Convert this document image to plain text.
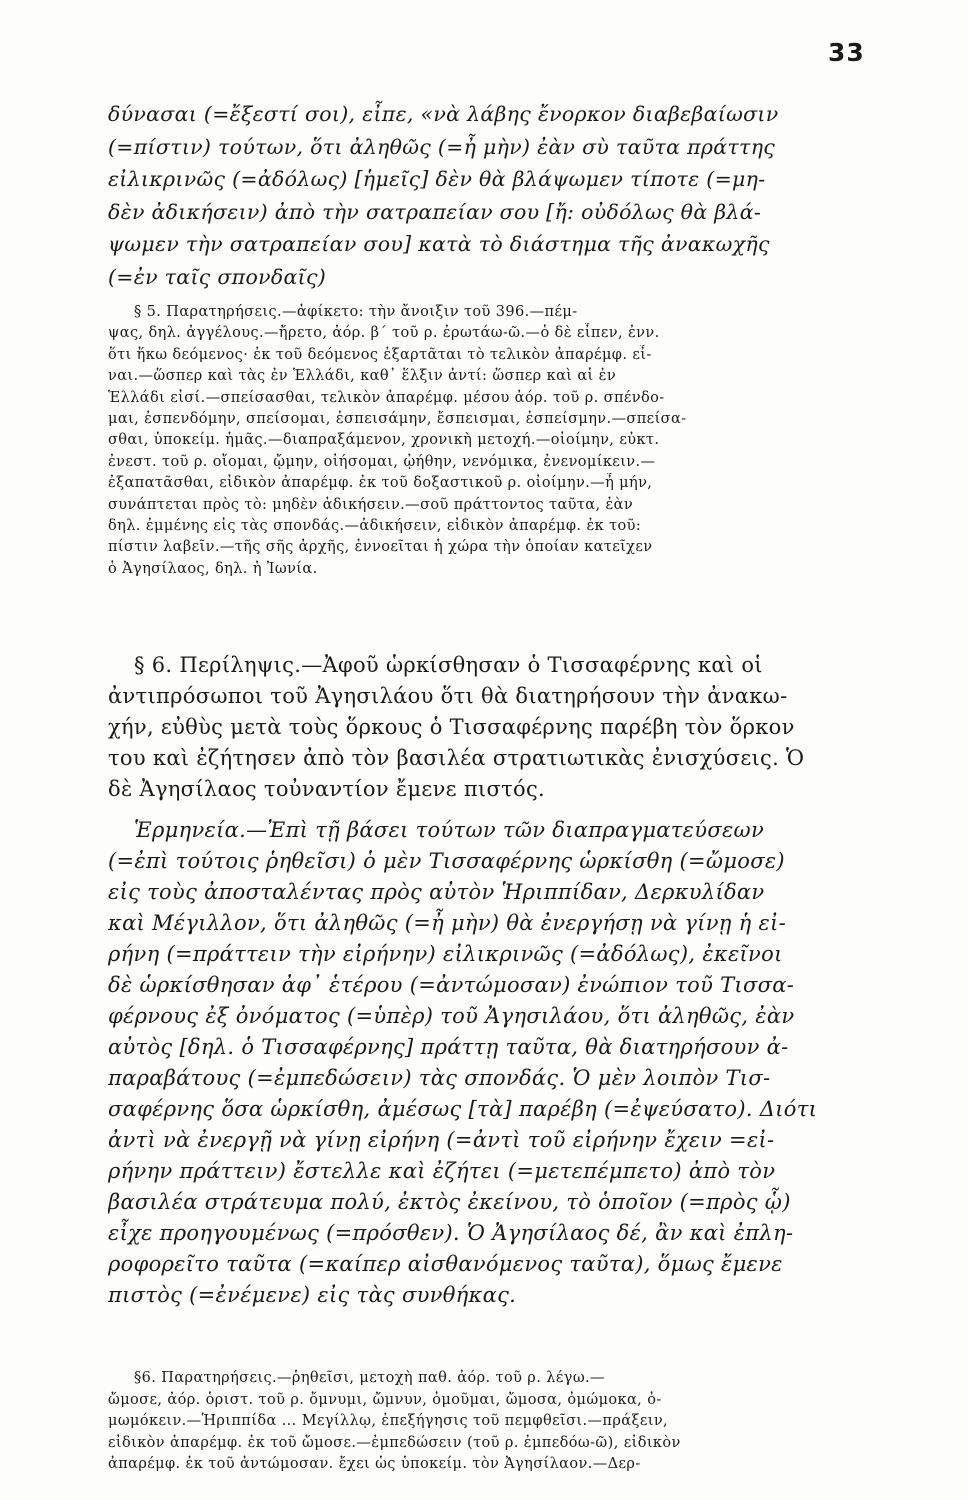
33
δύνασαι (=ἔξεστί σοι), εἶπε, «νὰ λάβης ἔνορκον διαβεβαίωσιν
(=πίστιν) τούτων, ὅτι ἀληθῶς (=ἦ μὴν) ἐὰν σὺ ταῦτα πράττης
εἰλικρινῶς (=ἀδόλως) [ἡμεῖς] δὲν θὰ βλάψωμεν τίποτε (=μη-
δὲν ἀδικήσειν) ἀπὸ τὴν σατραπείαν σου [ἤ: οὐδόλως θὰ βλά-
ψωμεν τὴν σατραπείαν σου] κατὰ τὸ διάστημα τῆς ἀνακωχῆς
(=ἐν ταῖς σπονδαῖς)
§ 5. Παρατηρήσεις.—ἀφίκετο: τὴν ἄνοιξιν τοῦ 396.—πέμ-
ψας, δηλ. ἀγγέλους.—ἤρετο, ἀόρ. β´ τοῦ ρ. ἐρωτάω-ῶ.—ὁ δὲ εἶπεν, ἐνν.
ὅτι ἥκω δεόμενος· ἐκ τοῦ δεόμενος ἐξαρτᾶται τὸ τελικὸν ἀπαρέμφ. εἶ-
ναι.—ὥσπερ καὶ τὰς ἐν Ἑλλάδι, καθ᾽ ἕλξιν ἀντί: ὥσπερ καὶ αἱ ἐν
Ἑλλάδι εἰσί.—σπείσασθαι, τελικὸν ἀπαρέμφ. μέσου ἀόρ. τοῦ ρ. σπένδο-
μαι, ἐσπενδόμην, σπείσομαι, ἐσπεισάμην, ἔσπεισμαι, ἐσπείσμην.—σπείσα-
σθαι, ὑποκείμ. ἡμᾶς.—διαπραξάμενον, χρονικὴ μετοχή.—οἰοίμην, εὐκτ.
ἐνεστ. τοῦ ρ. οἴομαι, ᾤμην, οἰήσομαι, ᾠήθην, νενόμικα, ἐνενομίκειν.—
ἐξαπατᾶσθαι, εἰδικὸν ἀπαρέμφ. ἐκ τοῦ δοξαστικοῦ ρ. οἰοίμην.—ἦ μήν,
συνάπτεται πρὸς τὸ: μηδὲν ἀδικήσειν.—σοῦ πράττοντος ταῦτα, ἐὰν
δηλ. ἐμμένης εἰς τὰς σπονδάς.—ἀδικήσειν, εἰδικὸν ἀπαρέμφ. ἐκ τοῦ:
πίστιν λαβεῖν.—τῆς σῆς ἀρχῆς, ἐννοεῖται ἡ χώρα τὴν ὁποίαν κατεῖχεν
ὁ Ἀγησίλαος, δηλ. ἡ Ἰωνία.
§ 6. Περίληψις.—Ἀφοῦ ὡρκίσθησαν ὁ Τισσαφέρνης καὶ οἱ
ἀντιπρόσωποι τοῦ Ἀγησιλάου ὅτι θὰ διατηρήσουν τὴν ἀνακω-
χήν, εὐθὺς μετὰ τοὺς ὅρκους ὁ Τισσαφέρνης παρέβη τὸν ὅρκον
του καὶ ἐζήτησεν ἀπὸ τὸν βασιλέα στρατιωτικὰς ἐνισχύσεις. Ὁ
δὲ Ἀγησίλαος τοὐναντίον ἔμενε πιστός.
Ἑρμηνεία.—Ἐπὶ τῇ βάσει τούτων τῶν διαπραγματεύσεων
(=ἐπὶ τούτοις ῥηθεῖσι) ὁ μὲν Τισσαφέρνης ὡρκίσθη (=ὤμοσε)
εἰς τοὺς ἀποσταλέντας πρὸς αὐτὸν Ἡριππίδαν, Δερκυλίδαν
καὶ Μέγιλλον, ὅτι ἀληθῶς (=ἦ μὴν) θὰ ἐνεργήσῃ νὰ γίνῃ ἡ εἰ-
ρήνη (=πράττειν τὴν εἰρήνην) εἰλικρινῶς (=ἀδόλως), ἐκεῖνοι
δὲ ὡρκίσθησαν ἀφ᾽ ἑτέρου (=ἀντώμοσαν) ἐνώπιον τοῦ Τισσα-
φέρνους ἐξ ὀνόματος (=ὑπὲρ) τοῦ Ἀγησιλάου, ὅτι ἀληθῶς, ἐὰν
αὐτὸς [δηλ. ὁ Τισσαφέρνης] πράττῃ ταῦτα, θὰ διατηρήσουν ἀ-
παραβάτους (=ἐμπεδώσειν) τὰς σπονδάς. Ὁ μὲν λοιπὸν Τισ-
σαφέρνης ὅσα ὡρκίσθη, ἀμέσως [τὰ] παρέβη (=ἐψεύσατο). Διότι
ἀντὶ νὰ ἐνεργῇ νὰ γίνῃ εἰρήνη (=ἀντὶ τοῦ εἰρήνην ἔχειν =εἰ-
ρήνην πράττειν) ἔστελλε καὶ ἐζήτει (=μετεπέμπετο) ἀπὸ τὸν
βασιλέα στράτευμα πολύ, ἐκτὸς ἐκείνου, τὸ ὁποῖον (=πρὸς ᾧ)
εἶχε προηγουμένως (=πρόσθεν). Ὁ Ἀγησίλαος δέ, ἂν καὶ ἐπλη-
ροφορεῖτο ταῦτα (=καίπερ αἰσθανόμενος ταῦτα), ὅμως ἔμενε
πιστὸς (=ἐνέμενε) εἰς τὰς συνθήκας.
§6. Παρατηρήσεις.—ῥηθεῖσι, μετοχὴ παθ. ἀόρ. τοῦ ρ. λέγω.—
ὤμοσε, ἀόρ. ὁριστ. τοῦ ρ. ὄμνυμι, ὤμνυν, ὀμοῦμαι, ὤμοσα, ὀμώμοκα, ὀ-
μωμόκειν.—Ἡριππίδα ... Μεγίλλῳ, ἐπεξήγησις τοῦ πεμφθεῖσι.—πράξειν,
εἰδικὸν ἀπαρέμφ. ἐκ τοῦ ὤμοσε.—ἐμπεδώσειν (τοῦ ρ. ἐμπεδόω-ῶ), εἰδικὸν
ἀπαρέμφ. ἐκ τοῦ ἀντώμοσαν. ἔχει ὡς ὑποκείμ. τὸν Ἀγησίλαον.—Δερ-
